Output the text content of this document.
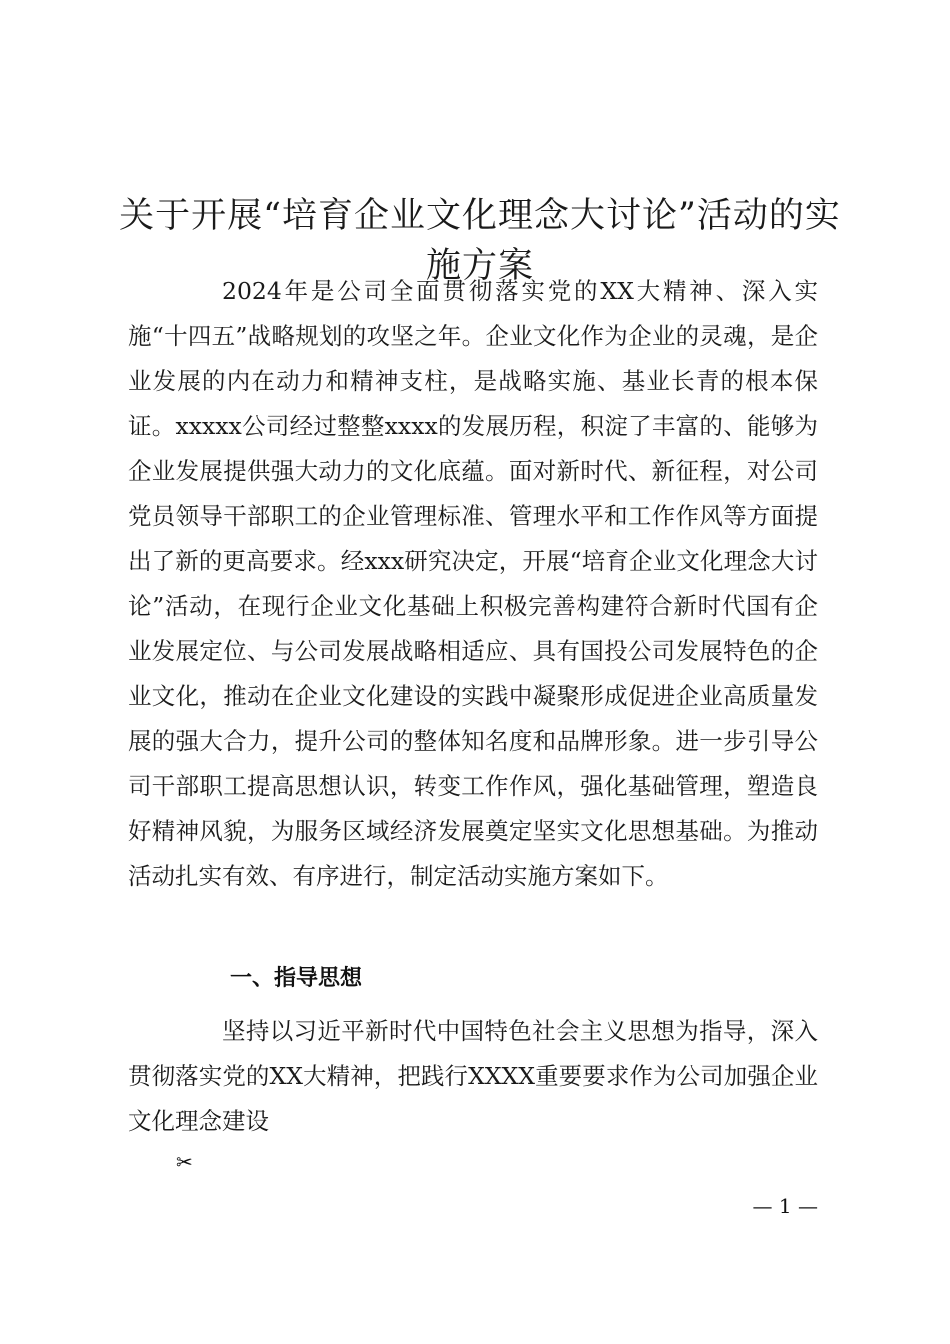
关于开展“培育企业文化理念大讨论”活动的实施方案

2024年是公司全面贯彻落实党的XX大精神、深入实施“十四五”战略规划的攻坚之年。企业文化作为企业的灵魂，是企业发展的内在动力和精神支柱，是战略实施、基业长青的根本保证。xxxxx公司经过整整xxxx的发展历程，积淀了丰富的、能够为企业发展提供强大动力的文化底蕴。面对新时代、新征程，对公司党员领导干部职工的企业管理标准、管理水平和工作作风等方面提出了新的更高要求。经xxx研究决定，开展“培育企业文化理念大讨论”活动，在现行企业文化基础上积极完善构建符合新时代国有企业发展定位、与公司发展战略相适应、具有国投公司发展特色的企业文化，推动在企业文化建设的实践中凝聚形成促进企业高质量发展的强大合力，提升公司的整体知名度和品牌形象。进一步引导公司干部职工提高思想认识，转变工作作风，强化基础管理，塑造良好精神风貌，为服务区域经济发展奠定坚实文化思想基础。为推动活动扎实有效、有序进行，制定活动实施方案如下。

一、指导思想

坚持以习近平新时代中国特色社会主义思想为指导，深入贯彻落实党的XX大精神，把践行XXXX重要要求作为公司加强企业文化理念建设

✂
— 1 —
